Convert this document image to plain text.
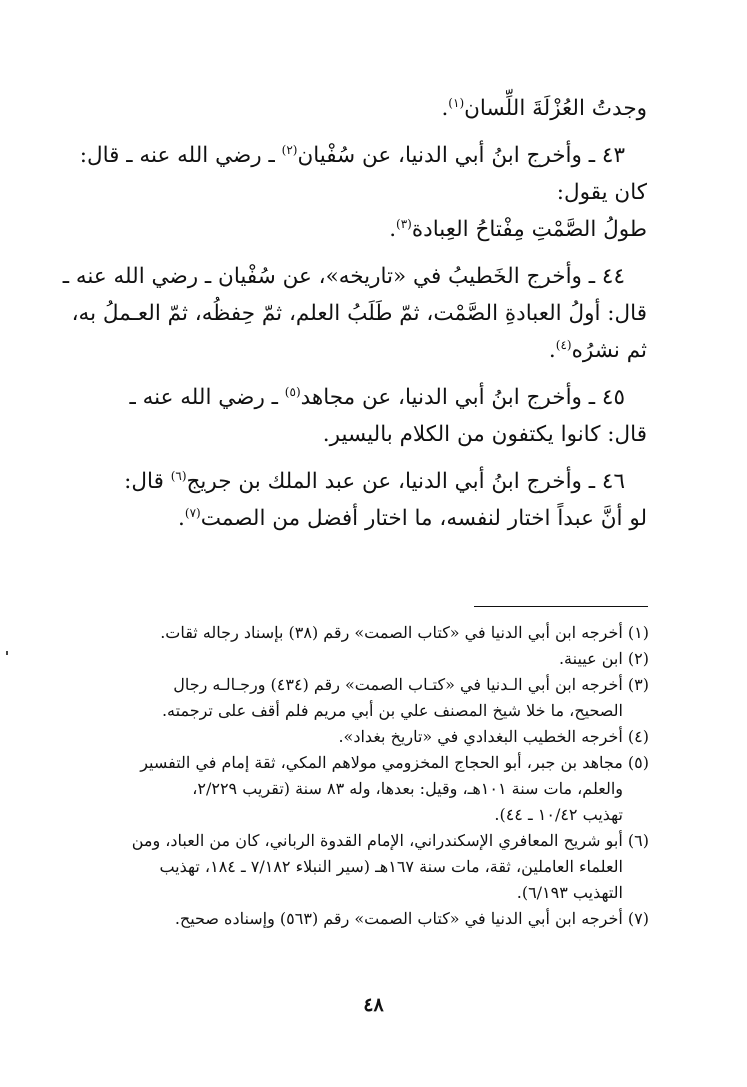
وجدتُ العُزْلَةَ اللِّسان$^{(١)}$.

٤٣ ـ وأخرج ابنُ أبي الدنيا، عن سُفْيان$^{(٢)}$ ـ رضي الله عنه ـ قال:
كان يقول:
طولُ الصَّمْتِ مِفْتاحُ العِبادة$^{(٣)}$.

٤٤ ـ وأخرج الخَطيبُ في «تاريخه»، عن سُفْيان ـ رضي الله عنه ـ
قال: أولُ العبادةِ الصَّمْت، ثمّ طَلَبُ العلم، ثمّ حِفظُه، ثمّ العـملُ به،
ثم نشرُه$^{(٤)}$.

٤٥ ـ وأخرج ابنُ أبي الدنيا، عن مجاهد$^{(٥)}$ ـ رضي الله عنه ـ
قال: كانوا يكتفون من الكلام باليسير.

٤٦ ـ وأخرج ابنُ أبي الدنيا، عن عبد الملك بن جريج$^{(٦)}$ قال:
لو أنَّ عبداً اختار لنفسه، ما اختار أفضل من الصمت$^{(٧)}$.

(١) أخرجه ابن أبي الدنيا في «كتاب الصمت» رقم (٣٨) بإسناد رجاله ثقات.
(٢) ابن عيينة.
(٣) أخرجه ابن أبي الـدنيا في «كتـاب الصمت» رقم (٤٣٤) ورجـالـه رجال
الصحيح، ما خلا شيخ المصنف علي بن أبي مريم فلم أقف على ترجمته.
(٤) أخرجه الخطيب البغدادي في «تاريخ بغداد».
(٥) مجاهد بن جبر، أبو الحجاج المخزومي مولاهم المكي، ثقة إمام في التفسير
والعلم، مات سنة ١٠١هـ، وقيل: بعدها، وله ٨٣ سنة (تقريب ٢/٢٢٩،
تهذيب ١٠/٤٢ ـ ٤٤).
(٦) أبو شريح المعافري الإسكندراني، الإمام القدوة الرباني، كان من العباد، ومن
العلماء العاملين، ثقة، مات سنة ١٦٧هـ (سير النبلاء ٧/١٨٢ ـ ١٨٤، تهذيب
التهذيب ٦/١٩٣).
(٧) أخرجه ابن أبي الدنيا في «كتاب الصمت» رقم (٥٦٣) وإسناده صحيح.
٤٨
